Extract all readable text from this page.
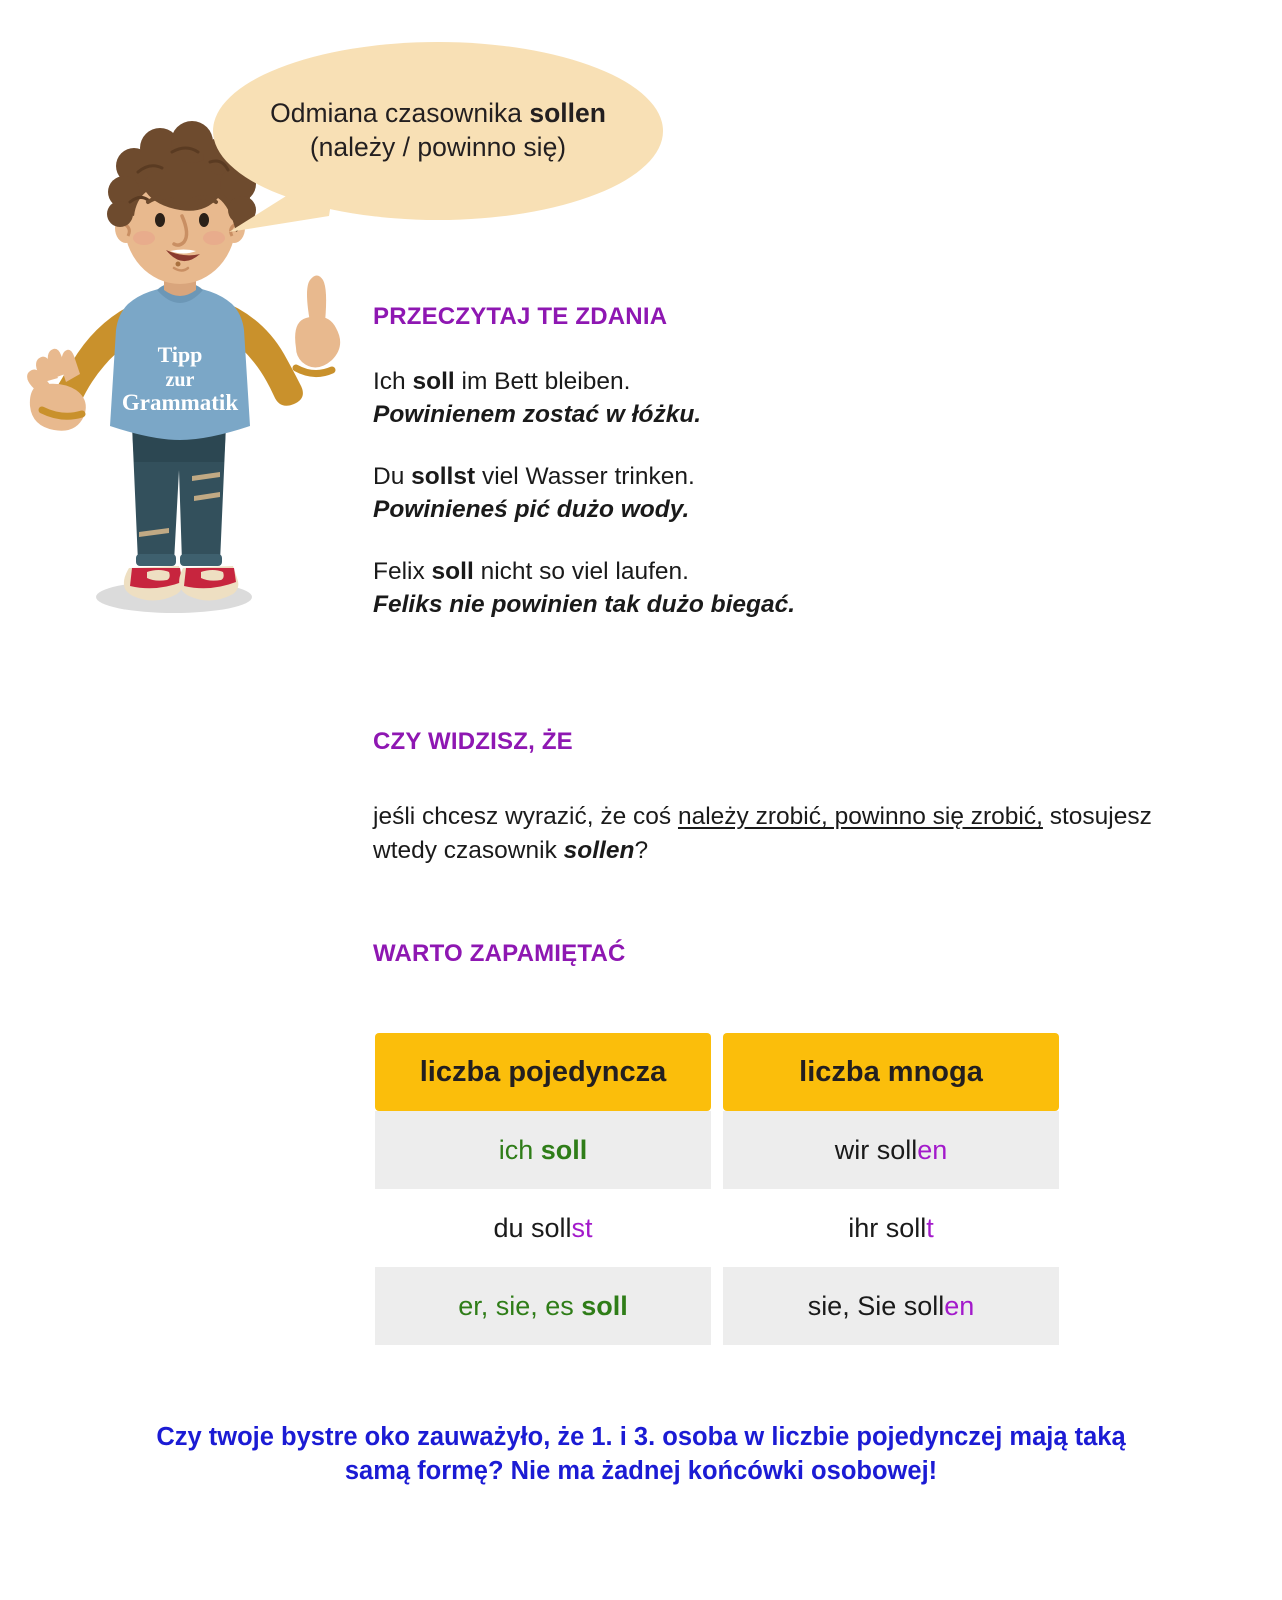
Tipp
zur
Grammatik
Odmiana czasownika sollen
(należy / powinno się)
PRZECZYTAJ TE ZDANIA
Ich soll im Bett bleiben.
Powinienem zostać w łóżku.
Du sollst viel Wasser trinken.
Powinieneś pić dużo wody.
Felix soll nicht so viel laufen.
Feliks nie powinien tak dużo biegać.
CZY WIDZISZ, ŻE
jeśli chcesz wyrazić, że coś należy zrobić, powinno się zrobić, stosujesz wtedy czasownik sollen?
WARTO ZAPAMIĘTAĆ
liczba pojedyncza	liczba mnoga
ich soll	wir sollen
du sollst	ihr sollt
er, sie, es soll	sie, Sie sollen
Czy twoje bystre oko zauważyło, że 1. i 3. osoba w liczbie pojedynczej mają taką
samą formę? Nie ma żadnej końcówki osobowej!
